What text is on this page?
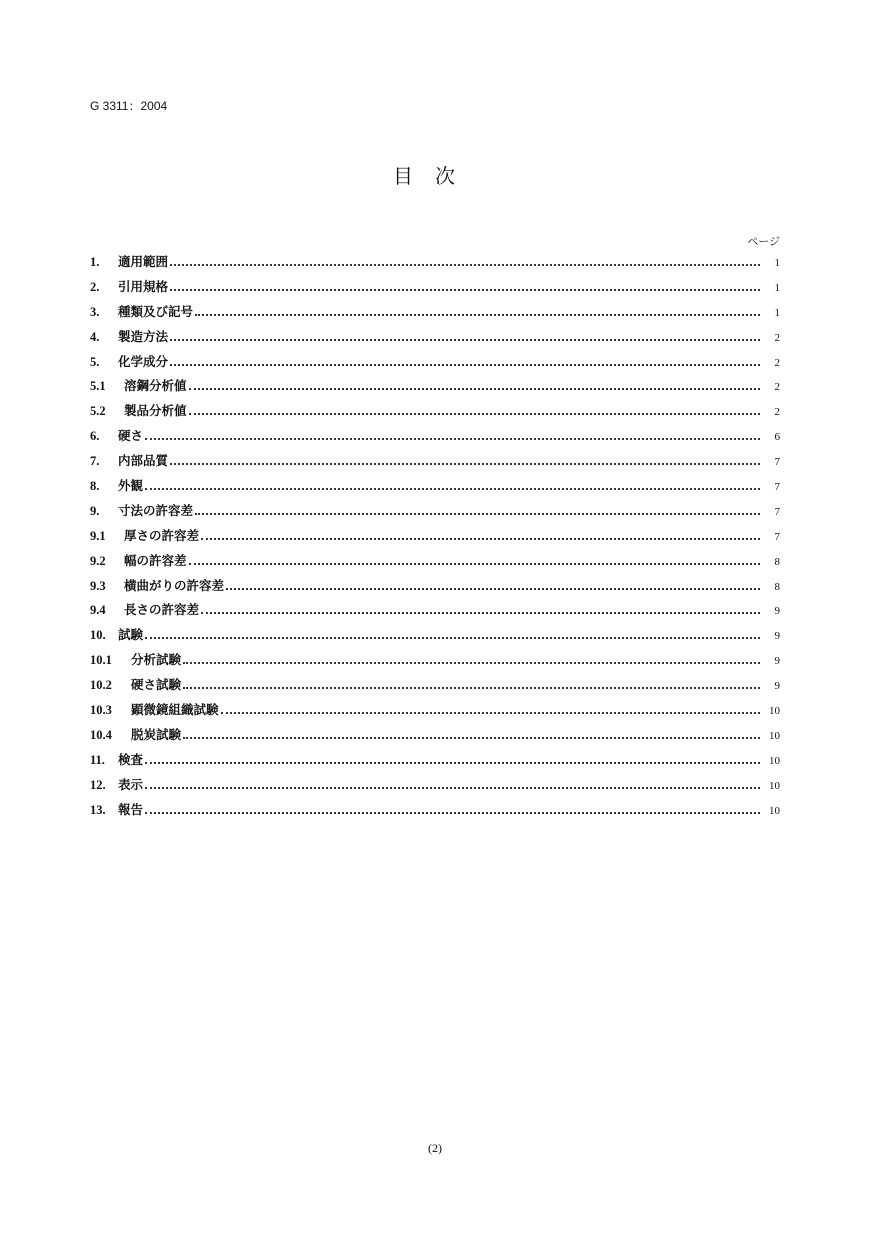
G 3311：2004
目次
ページ
1.	適用範囲	1
2.	引用規格	1
3.	種類及び記号	1
4.	製造方法	2
5.	化学成分	2
5.1	溶鋼分析値	2
5.2	製品分析値	2
6.	硬さ	6
7.	内部品質	7
8.	外観	7
9.	寸法の許容差	7
9.1	厚さの許容差	7
9.2	幅の許容差	8
9.3	横曲がりの許容差	8
9.4	長さの許容差	9
10. 試験	9
10.1	分析試験	9
10.2	硬さ試験	9
10.3	顕微鏡組織試験	10
10.4	脱炭試験	10
11.	検査	10
12. 表示	10
13. 報告	10
(2)
